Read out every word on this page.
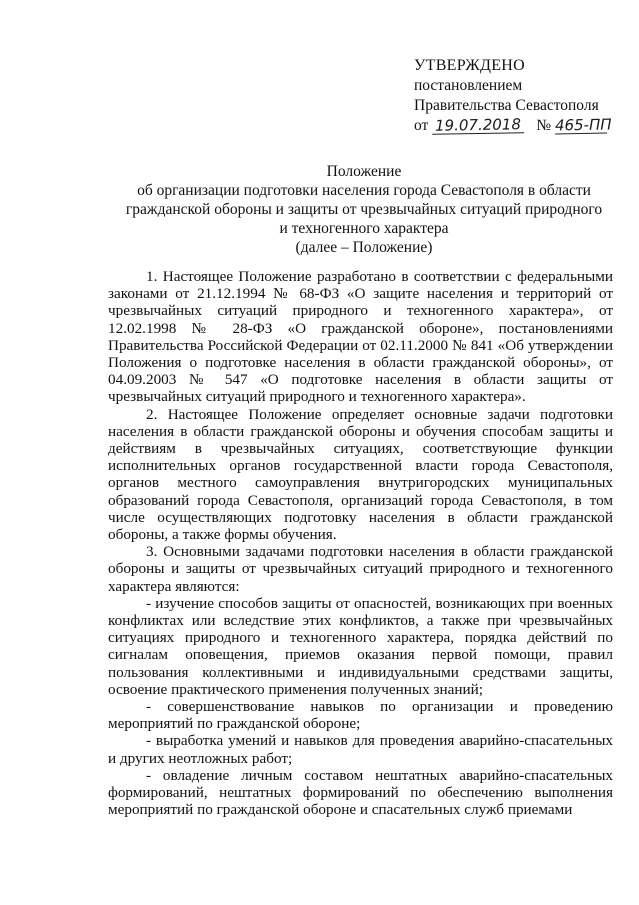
УТВЕРЖДЕНО
постановлением
Правительства Севастополя
от 19.07.2018 № 465-ПП
Положение
об организации подготовки населения города Севастополя в области
гражданской обороны и защиты от чрезвычайных ситуаций природного
и техногенного характера
(далее – Положение)

1. Настоящее Положение разработано в соответствии с федеральными законами от 21.12.1994 № 68-ФЗ «О защите населения и территорий от чрезвычайных ситуаций природного и техногенного характера», от 12.02.1998 № 28-ФЗ «О гражданской обороне», постановлениями Правительства Российской Федерации от 02.11.2000 № 841 «Об утверждении Положения о подготовке населения в области гражданской обороны», от 04.09.2003 № 547 «О подготовке населения в области защиты от чрезвычайных ситуаций природного и техногенного характера».

2. Настоящее Положение определяет основные задачи подготовки населения в области гражданской обороны и обучения способам защиты и действиям в чрезвычайных ситуациях, соответствующие функции исполнительных органов государственной власти города Севастополя, органов местного самоуправления внутригородских муниципальных образований города Севастополя, организаций города Севастополя, в том числе осуществляющих подготовку населения в области гражданской обороны, а также формы обучения.

3. Основными задачами подготовки населения в области гражданской обороны и защиты от чрезвычайных ситуаций природного и техногенного характера являются:

- изучение способов защиты от опасностей, возникающих при военных конфликтах или вследствие этих конфликтов, а также при чрезвычайных ситуациях природного и техногенного характера, порядка действий по сигналам оповещения, приемов оказания первой помощи, правил пользования коллективными и индивидуальными средствами защиты, освоение практического применения полученных знаний;

- совершенствование навыков по организации и проведению мероприятий по гражданской обороне;

- выработка умений и навыков для проведения аварийно-спасательных и других неотложных работ;

- овладение личным составом нештатных аварийно-спасательных формирований, нештатных формирований по обеспечению выполнения мероприятий по гражданской обороне и спасательных служб приемами
